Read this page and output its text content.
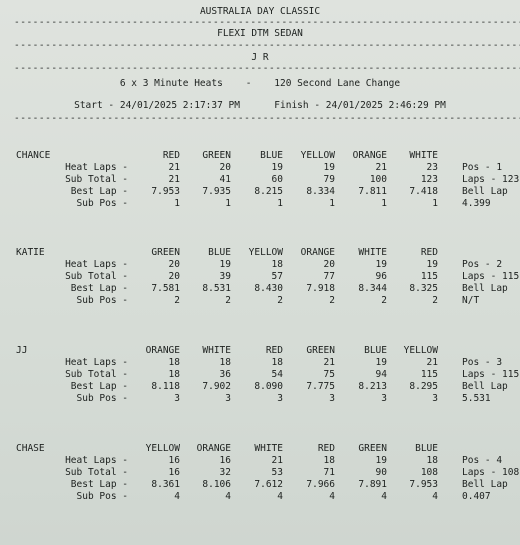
AUSTRALIA DAY CLASSIC
-----
FLEXI DTM SEDAN
-----
J R
-----
6 x 3 Minute Heats    -    120 Second Lane Change
Start - 24/01/2025 2:17:37 PM      Finish - 24/01/2025 2:46:29 PM
-----
CHANCE	RED	GREEN	BLUE	YELLOW	ORANGE	WHITE
Heat Laps -	21	20	19	19	21	23	Pos - 1
Sub Total -	21	41	60	79	100	123	Laps - 123
Best Lap -	7.953	7.935	8.215	8.334	7.811	7.418	Bell Lap
Sub Pos -	1	1	1	1	1	1	4.399
KATIE	GREEN	BLUE	YELLOW	ORANGE	WHITE	RED
Heat Laps -	20	19	18	20	19	19	Pos - 2
Sub Total -	20	39	57	77	96	115	Laps - 115
Best Lap -	7.581	8.531	8.430	7.918	8.344	8.325	Bell Lap
Sub Pos -	2	2	2	2	2	2	N/T
JJ	ORANGE	WHITE	RED	GREEN	BLUE	YELLOW
Heat Laps -	18	18	18	21	19	21	Pos - 3
Sub Total -	18	36	54	75	94	115	Laps - 115
Best Lap -	8.118	7.902	8.090	7.775	8.213	8.295	Bell Lap
Sub Pos -	3	3	3	3	3	3	5.531
CHASE	YELLOW	ORANGE	WHITE	RED	GREEN	BLUE
Heat Laps -	16	16	21	18	19	18	Pos - 4
Sub Total -	16	32	53	71	90	108	Laps - 108
Best Lap -	8.361	8.106	7.612	7.966	7.891	7.953	Bell Lap
Sub Pos -	4	4	4	4	4	4	0.407
